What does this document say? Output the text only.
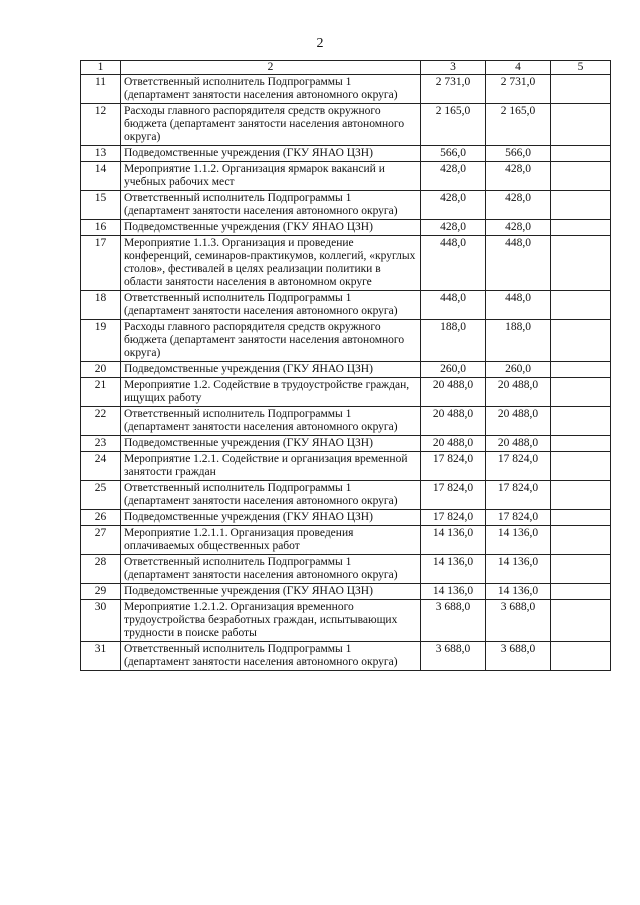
2
1	2	3	4	5
11	Ответственный исполнитель Подпрограммы 1 (департамент занятости населения автономного округа)	2 731,0	2 731,0	
12	Расходы главного распорядителя средств окружного бюджета (департамент занятости населения автономного округа)	2 165,0	2 165,0	
13	Подведомственные учреждения (ГКУ ЯНАО ЦЗН)	566,0	566,0	
14	Мероприятие 1.1.2. Организация ярмарок вакансий и учебных рабочих мест	428,0	428,0	
15	Ответственный исполнитель Подпрограммы 1 (департамент занятости населения автономного округа)	428,0	428,0	
16	Подведомственные учреждения (ГКУ ЯНАО ЦЗН)	428,0	428,0	
17	Мероприятие 1.1.3. Организация и проведение конференций, семинаров-практикумов, коллегий, «круглых столов», фестивалей в целях реализации политики в области занятости населения в автономном округе	448,0	448,0	
18	Ответственный исполнитель Подпрограммы 1 (департамент занятости населения автономного округа)	448,0	448,0	
19	Расходы главного распорядителя средств окружного бюджета (департамент занятости населения автономного округа)	188,0	188,0	
20	Подведомственные учреждения (ГКУ ЯНАО ЦЗН)	260,0	260,0	
21	Мероприятие 1.2. Содействие в трудоустройстве граждан, ищущих работу	20 488,0	20 488,0	
22	Ответственный исполнитель Подпрограммы 1 (департамент занятости населения автономного округа)	20 488,0	20 488,0	
23	Подведомственные учреждения (ГКУ ЯНАО ЦЗН)	20 488,0	20 488,0	
24	Мероприятие 1.2.1. Содействие и организация временной занятости граждан	17 824,0	17 824,0	
25	Ответственный исполнитель Подпрограммы 1 (департамент занятости населения автономного округа)	17 824,0	17 824,0	
26	Подведомственные учреждения (ГКУ ЯНАО ЦЗН)	17 824,0	17 824,0	
27	Мероприятие 1.2.1.1. Организация проведения оплачиваемых общественных работ	14 136,0	14 136,0	
28	Ответственный исполнитель Подпрограммы 1 (департамент занятости населения автономного округа)	14 136,0	14 136,0	
29	Подведомственные учреждения (ГКУ ЯНАО ЦЗН)	14 136,0	14 136,0	
30	Мероприятие 1.2.1.2. Организация временного трудоустройства безработных граждан, испытывающих трудности в поиске работы	3 688,0	3 688,0	
31	Ответственный исполнитель Подпрограммы 1 (департамент занятости населения автономного округа)	3 688,0	3 688,0	
